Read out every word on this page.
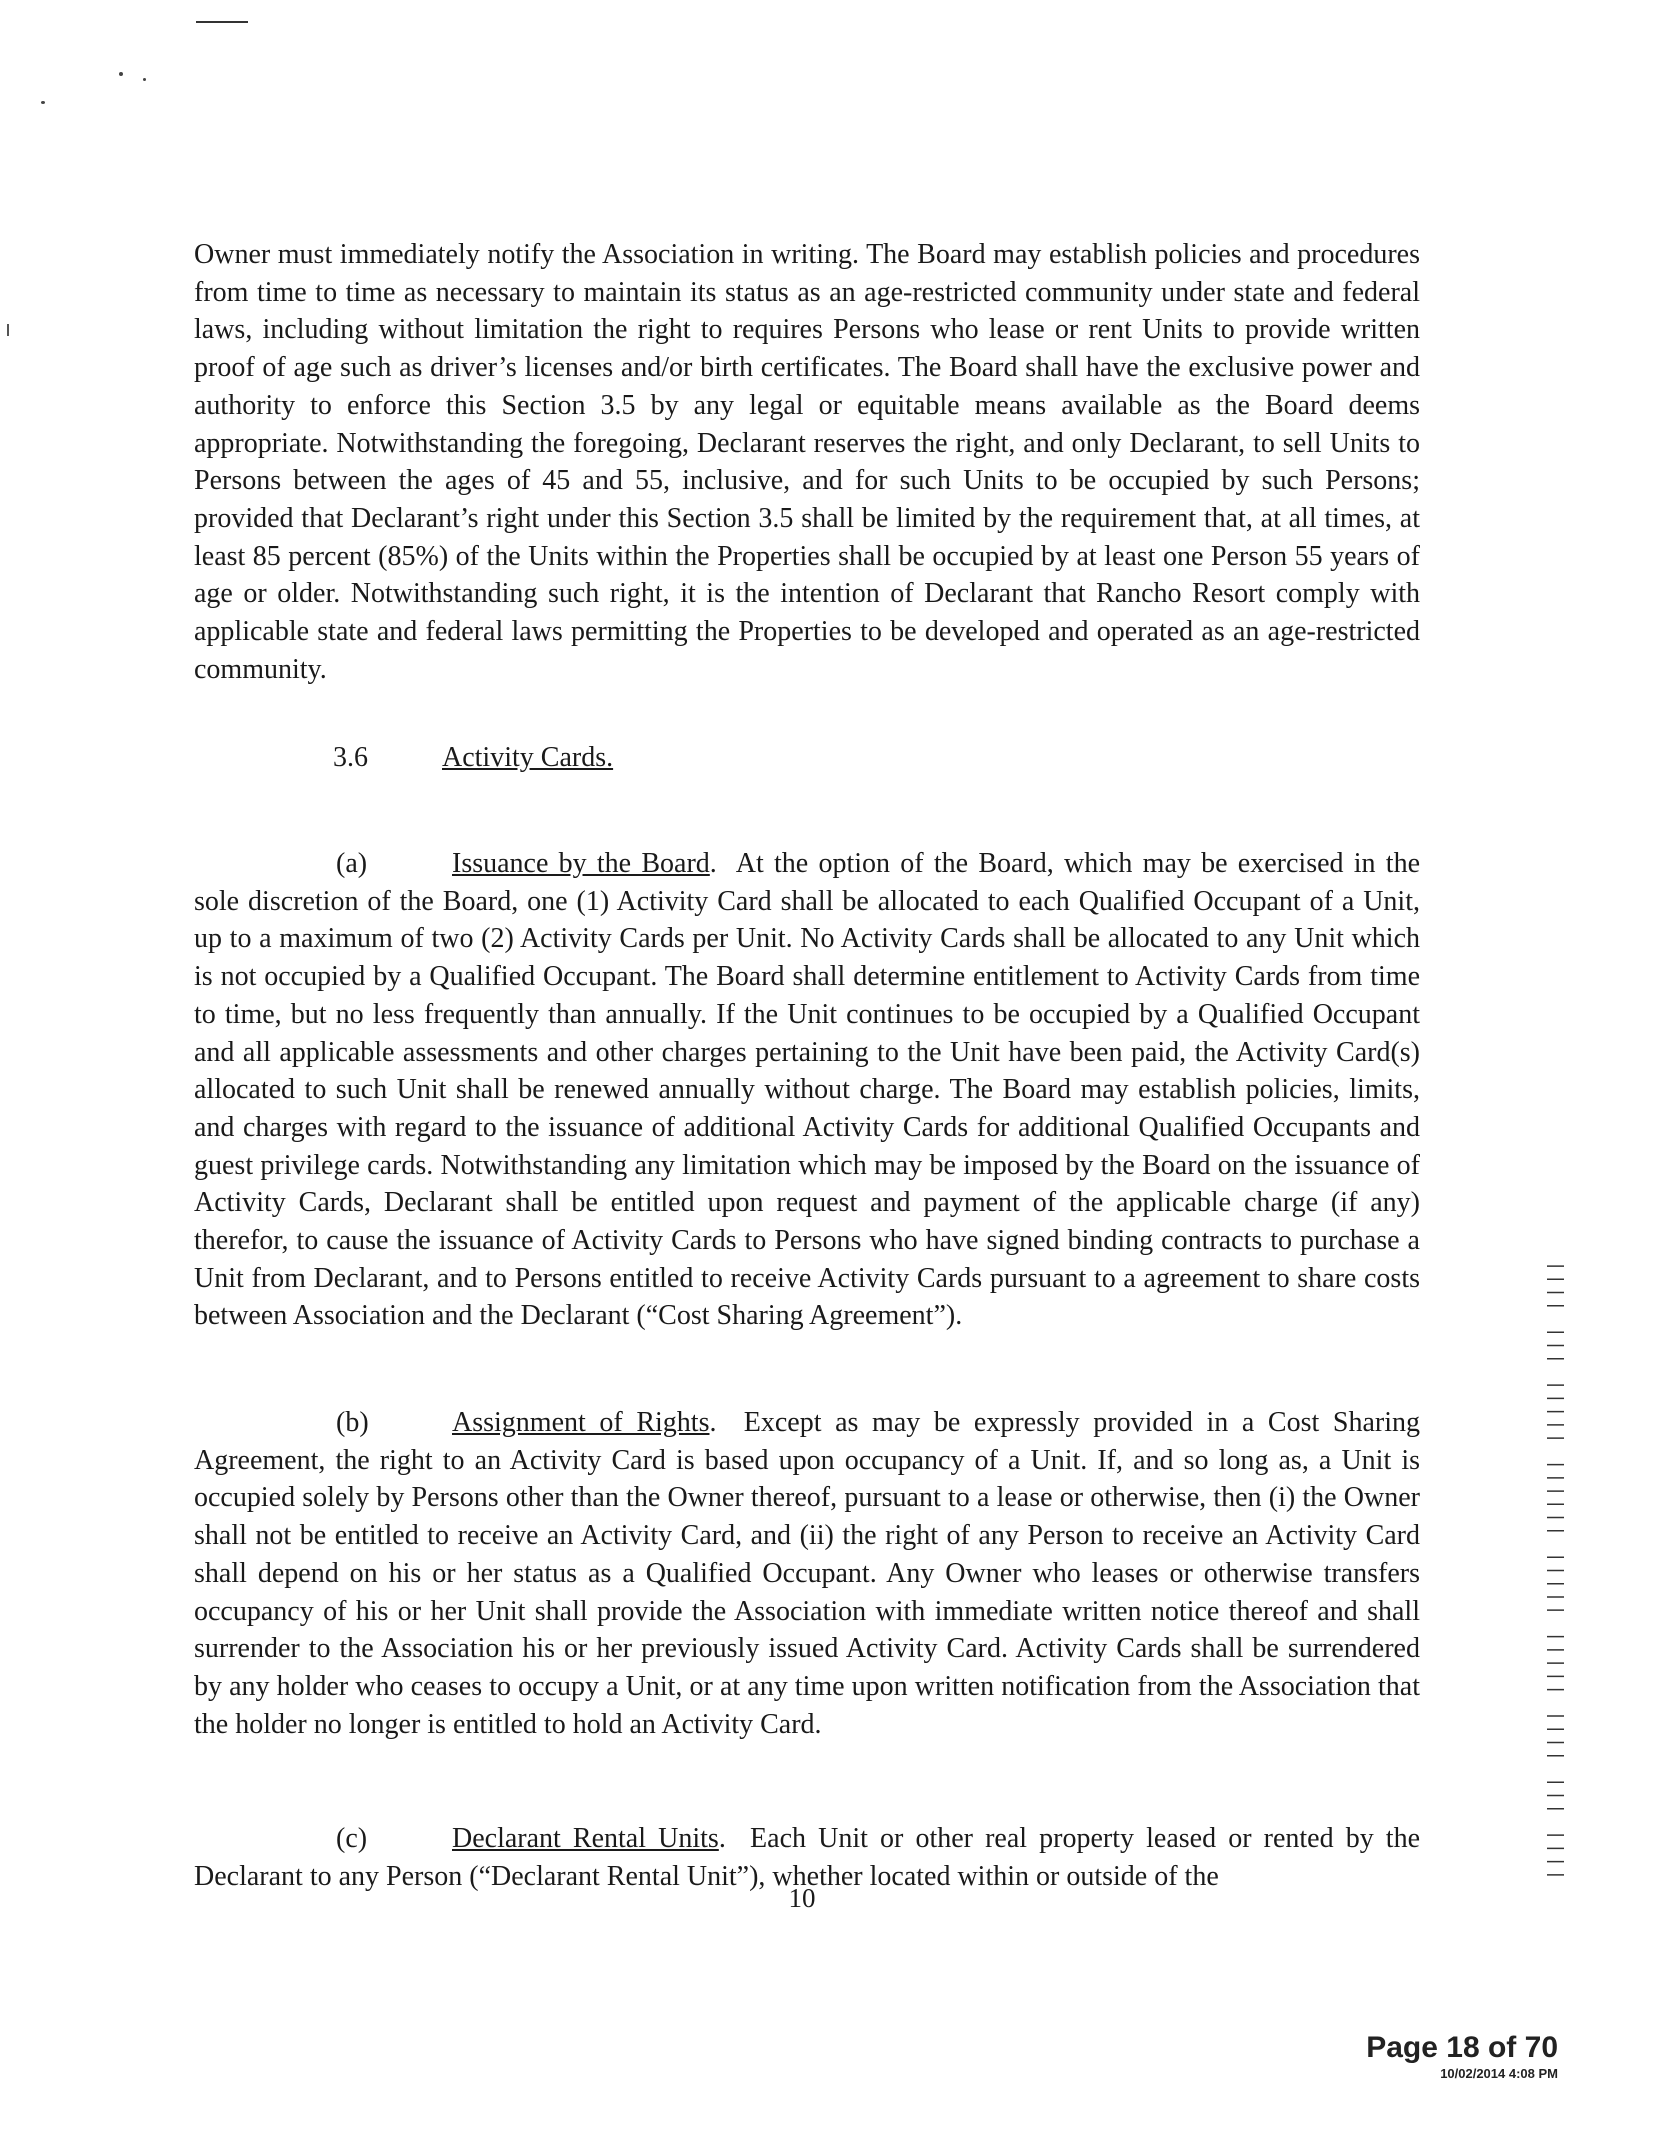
Owner must immediately notify the Association in writing. The Board may establish policies and procedures from time to time as necessary to maintain its status as an age-restricted community under state and federal laws, including without limitation the right to requires Persons who lease or rent Units to provide written proof of age such as driver’s licenses and/or birth certificates. The Board shall have the exclusive power and authority to enforce this Section 3.5 by any legal or equitable means available as the Board deems appropriate. Notwithstanding the foregoing, Declarant reserves the right, and only Declarant, to sell Units to Persons between the ages of 45 and 55, inclusive, and for such Units to be occupied by such Persons; provided that Declarant’s right under this Section 3.5 shall be limited by the requirement that, at all times, at least 85 percent (85%) of the Units within the Properties shall be occupied by at least one Person 55 years of age or older. Notwithstanding such right, it is the intention of Declarant that Rancho Resort comply with applicable state and federal laws permitting the Properties to be developed and operated as an age-restricted community.

3.6	Activity Cards.

(a)	Issuance by the Board.  At the option of the Board, which may be exercised in the sole discretion of the Board, one (1) Activity Card shall be allocated to each Qualified Occupant of a Unit, up to a maximum of two (2) Activity Cards per Unit. No Activity Cards shall be allocated to any Unit which is not occupied by a Qualified Occupant. The Board shall determine entitlement to Activity Cards from time to time, but no less frequently than annually. If the Unit continues to be occupied by a Qualified Occupant and all applicable assessments and other charges pertaining to the Unit have been paid, the Activity Card(s) allocated to such Unit shall be renewed annually without charge. The Board may establish policies, limits, and charges with regard to the issuance of additional Activity Cards for additional Qualified Occupants and guest privilege cards. Notwithstanding any limitation which may be imposed by the Board on the issuance of Activity Cards, Declarant shall be entitled upon request and payment of the applicable charge (if any) therefor, to cause the issuance of Activity Cards to Persons who have signed binding contracts to purchase a Unit from Declarant, and to Persons entitled to receive Activity Cards pursuant to a agreement to share costs between Association and the Declarant (“Cost Sharing Agreement”).

(b)	Assignment of Rights.  Except as may be expressly provided in a Cost Sharing Agreement, the right to an Activity Card is based upon occupancy of a Unit. If, and so long as, a Unit is occupied solely by Persons other than the Owner thereof, pursuant to a lease or otherwise, then (i) the Owner shall not be entitled to receive an Activity Card, and (ii) the right of any Person to receive an Activity Card shall depend on his or her status as a Qualified Occupant. Any Owner who leases or otherwise transfers occupancy of his or her Unit shall provide the Association with immediate written notice thereof and shall surrender to the Association his or her previously issued Activity Card. Activity Cards shall be surrendered by any holder who ceases to occupy a Unit, or at any time upon written notification from the Association that the holder no longer is entitled to hold an Activity Card.

(c)	Declarant Rental Units.  Each Unit or other real property leased or rented by the Declarant to any Person (“Declarant Rental Unit”), whether located within or outside of the

10
|||| ||| |||| ||||| ||||| |||||| ||||| ||| ||||
Page 18 of 70
10/02/2014 4:08 PM
